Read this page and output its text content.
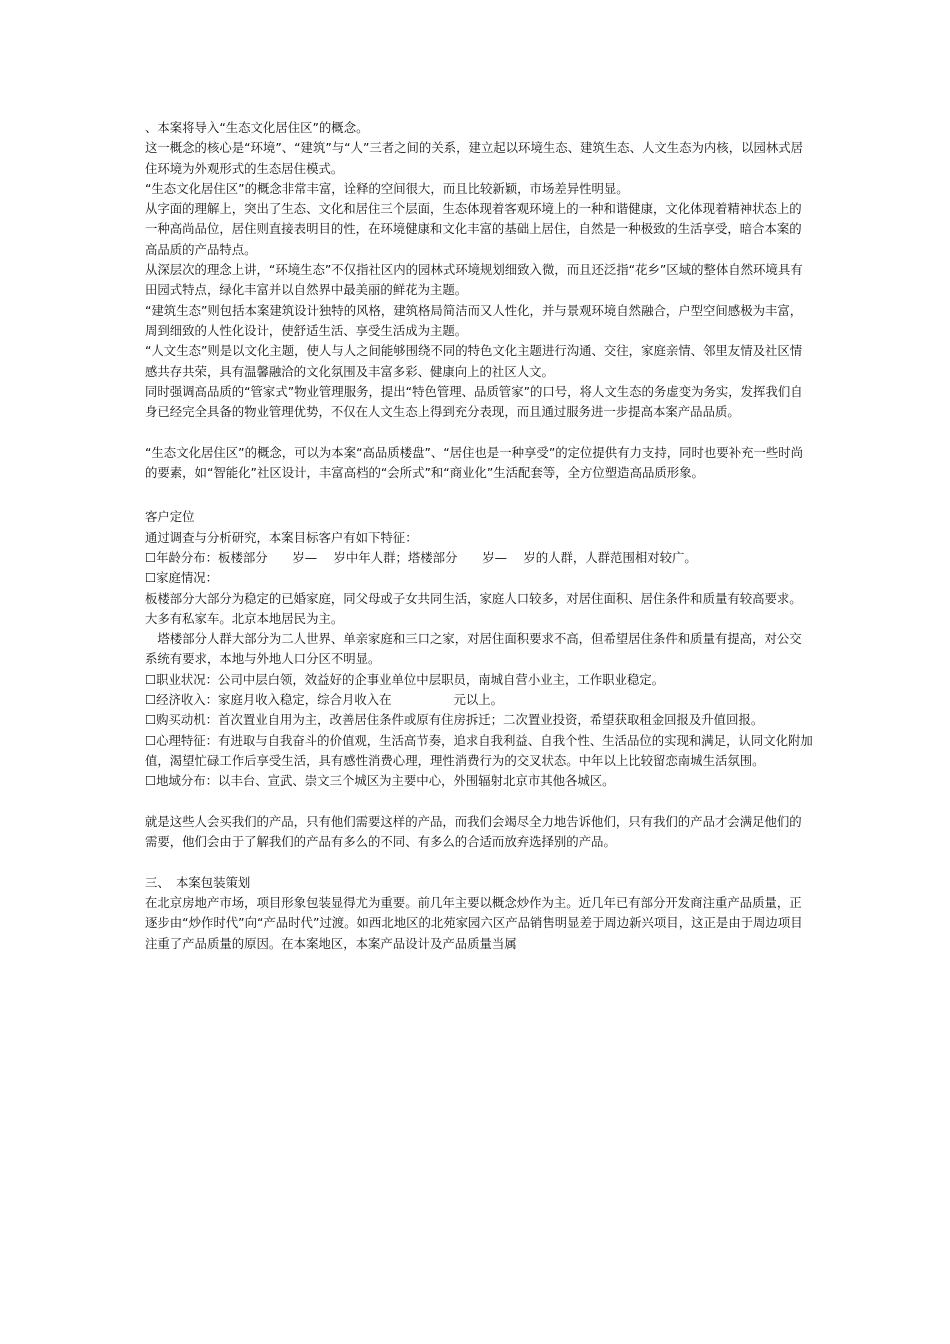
、本案将导入“生态文化居住区”的概念。

这一概念的核心是“环境”、“建筑”与“人”三者之间的关系，建立起以环境生态、建筑生态、人文生态为内核，以园林式居住环境为外观形式的生态居住模式。

“生态文化居住区”的概念非常丰富，诠释的空间很大，而且比较新颖，市场差异性明显。

从字面的理解上，突出了生态、文化和居住三个层面，生态体现着客观环境上的一种和谐健康，文化体现着精神状态上的一种高尚品位，居住则直接表明目的性，在环境健康和文化丰富的基础上居住，自然是一种极致的生活享受，暗合本案的高品质的产品特点。

从深层次的理念上讲，“环境生态”不仅指社区内的园林式环境规划细致入微，而且还泛指“花乡”区域的整体自然环境具有田园式特点，绿化丰富并以自然界中最美丽的鲜花为主题。

“建筑生态”则包括本案建筑设计独特的风格，建筑格局简洁而又人性化，并与景观环境自然融合，户型空间感极为丰富，周到细致的人性化设计，使舒适生活、享受生活成为主题。

“人文生态”则是以文化主题，使人与人之间能够围绕不同的特色文化主题进行沟通、交往，家庭亲情、邻里友情及社区情感共存共荣，具有温馨融洽的文化氛围及丰富多彩、健康向上的社区人文。

同时强调高品质的“管家式”物业管理服务，提出“特色管理、品质管家”的口号，将人文生态的务虚变为务实，发挥我们自身已经完全具备的物业管理优势，不仅在人文生态上得到充分表现，而且通过服务进一步提高本案产品品质。

“生态文化居住区”的概念，可以为本案“高品质楼盘”、“居住也是一种享受”的定位提供有力支持，同时也要补充一些时尚的要素，如“智能化”社区设计，丰富高档的“会所式”和“商业化”生活配套等，全方位塑造高品质形象。

客户定位

通过调查与分析研究，本案目标客户有如下特征：

☐年龄分布：板楼部分　　岁—　 岁中年人群；塔楼部分　　岁—　 岁的人群，人群范围相对较广。

☐家庭情况：

板楼部分大部分为稳定的已婚家庭，同父母或子女共同生活，家庭人口较多，对居住面积、居住条件和质量有较高要求。大多有私家车。北京本地居民为主。

　塔楼部分人群大部分为二人世界、单亲家庭和三口之家，对居住面积要求不高，但希望居住条件和质量有提高，对公交系统有要求，本地与外地人口分区不明显。

☐职业状况：公司中层白领，效益好的企事业单位中层职员，南城自营小业主，工作职业稳定。

☐经济收入：家庭月收入稳定，综合月收入在　　　　　元以上。

☐购买动机：首次置业自用为主，改善居住条件或原有住房拆迁；二次置业投资，希望获取租金回报及升值回报。

☐心理特征：有进取与自我奋斗的价值观，生活高节奏，追求自我利益、自我个性、生活品位的实现和满足，认同文化附加值，渴望忙碌工作后享受生活，具有感性消费心理，理性消费行为的交叉状态。中年以上比较留恋南城生活氛围。

☐地域分布：以丰台、宣武、崇文三个城区为主要中心，外围辐射北京市其他各城区。

就是这些人会买我们的产品，只有他们需要这样的产品，而我们会竭尽全力地告诉他们，只有我们的产品才会满足他们的需要，他们会由于了解我们的产品有多么的不同、有多么的合适而放弃选择别的产品。

三、　本案包装策划

在北京房地产市场，项目形象包装显得尤为重要。前几年主要以概念炒作为主。近几年已有部分开发商注重产品质量，正逐步由“炒作时代”向“产品时代”过渡。如西北地区的北苑家园六区产品销售明显差于周边新兴项目，这正是由于周边项目注重了产品质量的原因。在本案地区，本案产品设计及产品质量当属
